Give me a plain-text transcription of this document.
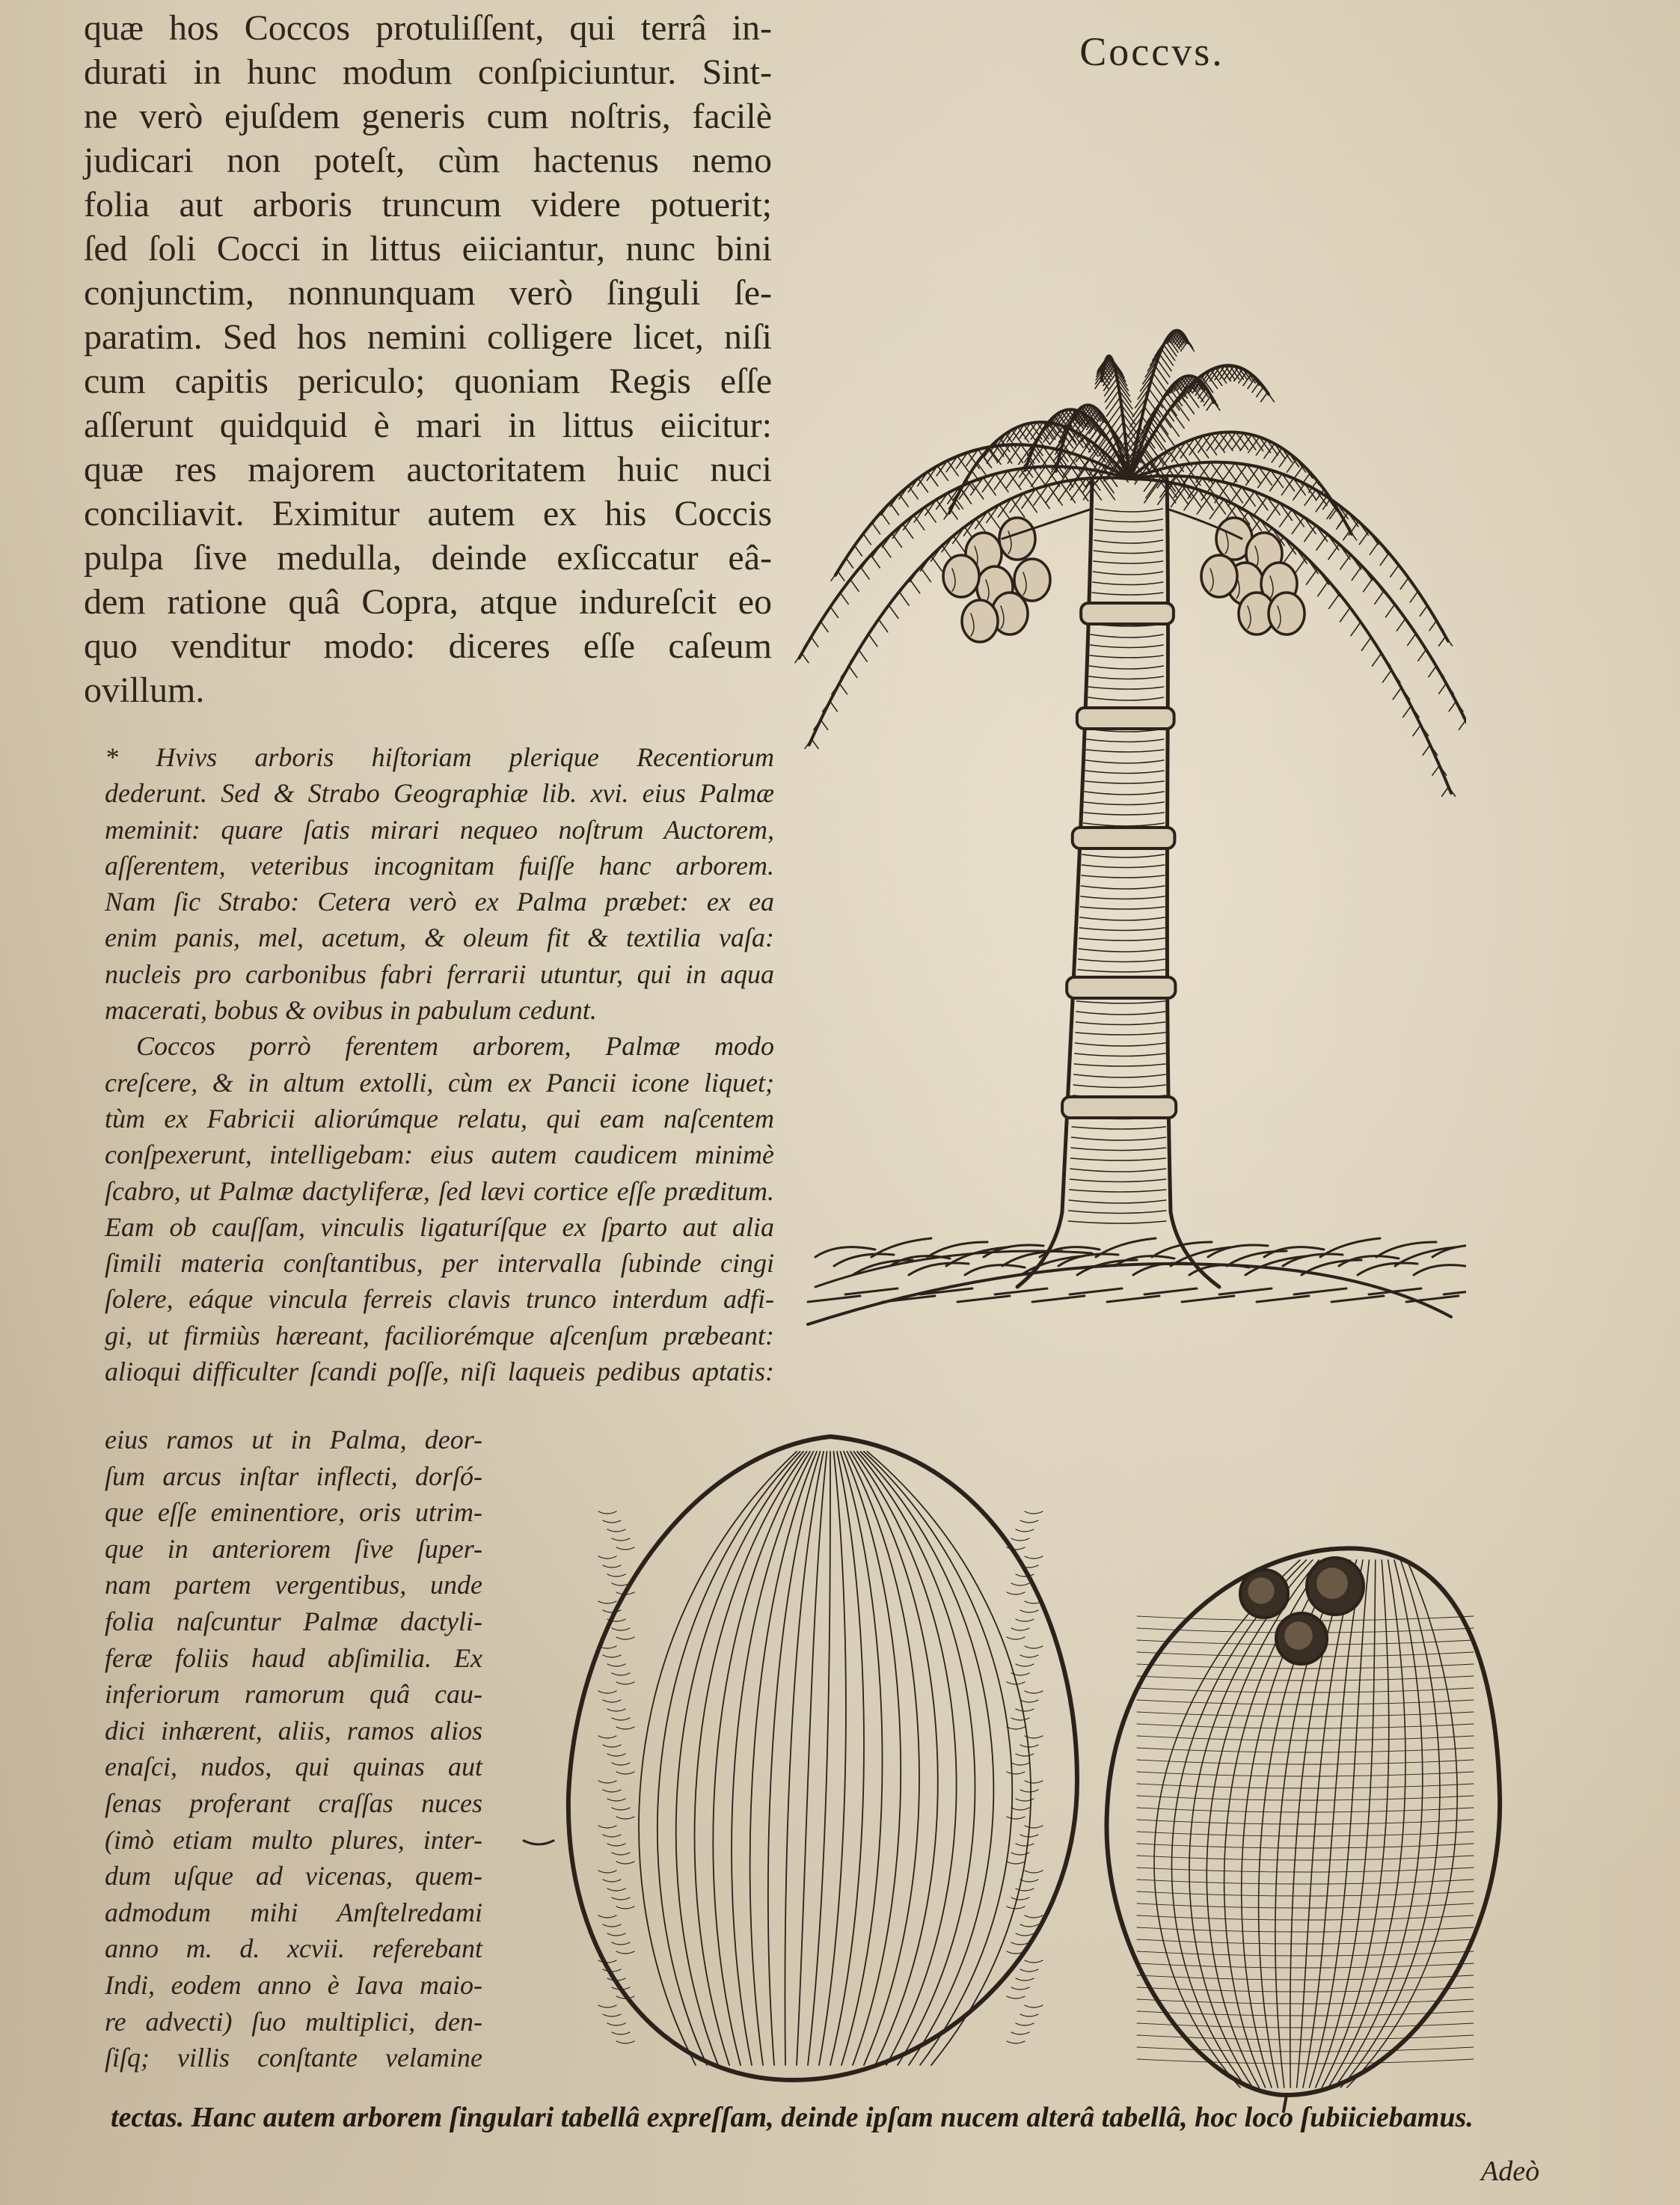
Coccvs.
quæ hos Coccos protuliſſent, qui terrâ in-
durati in hunc modum conſpiciuntur. Sint-
ne verò ejuſdem generis cum noſtris, facilè
judicari non poteſt, cùm hactenus nemo
folia aut arboris truncum videre potuerit;
ſed ſoli Cocci in littus eiiciantur, nunc bini
conjunctim, nonnunquam verò ſinguli ſe-
paratim. Sed hos nemini colligere licet, niſi
cum capitis periculo; quoniam Regis eſſe
aſſerunt quidquid è mari in littus eiicitur:
quæ res majorem auctoritatem huic nuci
conciliavit. Eximitur autem ex his Coccis
pulpa ſive medulla, deinde exſiccatur eâ-
dem ratione quâ Copra, atque indureſcit eo
quo venditur modo: diceres eſſe caſeum
ovillum.
* Hvivs arboris hiſtoriam plerique Recentiorum
dederunt. Sed & Strabo Geographiæ lib. xvi. eius Palmæ
meminit: quare ſatis mirari nequeo noſtrum Auctorem,
aſſerentem, veteribus incognitam fuiſſe hanc arborem.
Nam ſic Strabo: Cetera verò ex Palma præbet: ex ea
enim panis, mel, acetum, & oleum fit & textilia vaſa:
nucleis pro carbonibus fabri ferrarii utuntur, qui in aqua
macerati, bobus & ovibus in pabulum cedunt.
Coccos porrò ferentem arborem, Palmæ modo
creſcere, & in altum extolli, cùm ex Pancii icone liquet;
tùm ex Fabricii aliorúmque relatu, qui eam naſcentem
conſpexerunt, intelligebam: eius autem caudicem minimè
ſcabro, ut Palmæ dactyliferæ, ſed lævi cortice eſſe præditum.
Eam ob cauſſam, vinculis ligaturíſque ex ſparto aut alia
ſimili materia conſtantibus, per intervalla ſubinde cingi
ſolere, eáque vincula ferreis clavis trunco interdum adfi-
gi, ut firmiùs hæreant, faciliorémque aſcenſum præbeant:
alioqui difficulter ſcandi poſſe, niſi laqueis pedibus aptatis:
eius ramos ut in Palma, deor-
ſum arcus inſtar inflecti, dorſó-
que eſſe eminentiore, oris utrim-
que in anteriorem ſive ſuper-
nam partem vergentibus, unde
folia naſcuntur Palmæ dactyli-
feræ foliis haud abſimilia. Ex
inferiorum ramorum quâ cau-
dici inhærent, aliis, ramos alios
enaſci, nudos, qui quinas aut
ſenas proferant craſſas nuces
(imò etiam multo plures, inter-
dum uſque ad vicenas, quem-
admodum mihi Amſtelredami
anno m. d. xcvii. referebant
Indi, eodem anno è Iava maio-
re advecti) ſuo multiplici, den-
ſiſq; villis conſtante velamine
tectas. Hanc autem arborem ſingulari tabellâ expreſſam, deinde ipſam nucem alterâ tabellâ, hoc loco ſubiiciebamus.
Adeò
